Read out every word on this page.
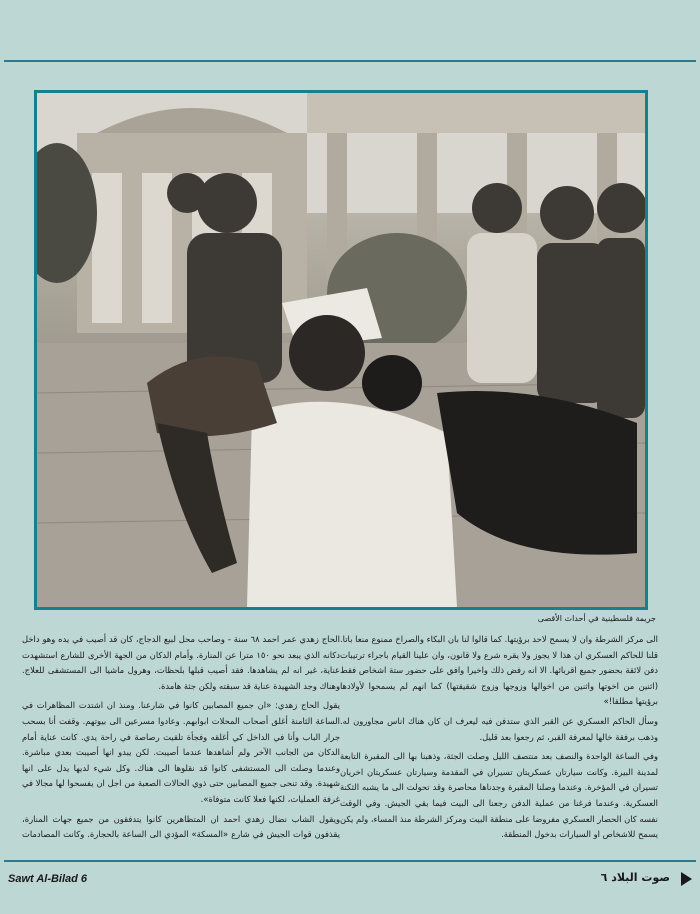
جريمة فلسطينية في أحداث الأقصى

الى مركز الشرطة وان لا يسمح لاحد برؤيتها. كما قالوا لنا بان البكاء والصراخ ممنوع منعا باتا. قلنا للحاكم العسكري ان هذا لا يجوز ولا يقره شرع ولا قانون، وان علينا القيام باجراء ترتيبات دفن لائقة بحضور جميع اقربائها. الا انه رفض ذلك واخيرا وافق على حضور ستة اشخاص فقط (اثنين من اخوتها واثنين من اخوالها وزوجها وزوج شقيقتها) كما انهم لم يسمحوا لأولادها برؤيتها مطلقا!»

وسأل الحاكم العسكري عن القبر الذي ستدفن فيه ليعرف ان كان هناك اناس مجاورون له. وذهب برفقة خالها لمعرفة القبر، ثم رجعوا بعد قليل.

وفي الساعة الواحدة والنصف بعد منتصف الليل وصلت الجثة، وذهبنا بها الى المقبرة التابعة لمدينة البيرة. وكانت سيارتان عسكريتان تسيران في المقدمة وسيارتان عسكريتان اخريان تسيران في المؤخرة. وعندما وصلنا المقبرة وجدناها محاصرة وقد تحولت الى ما يشبه الثكنة العسكرية. وعندما فرغنا من عملية الدفن رجعنا الى البيت فيما بقي الجيش. وفي الوقت نفسه كان الحصار العسكري مفروضا على منطقة البيت ومركز الشرطة منذ المساء، ولم يكن يسمح للاشخاص او السيارات بدخول المنطقة.

الحاج زهدي عمر احمد ٦٨ سنة - وصاحب محل لبيع الدجاج، كان قد أصيب في يده وهو داخل دكانه الذي يبعد نحو ١٥٠ مترا عن المنارة. وأمام الدكان من الجهة الأخرى للشارع استشهدت عناية، غير انه لم يشاهدها. فقد أصيب قبلها بلحظات، وهرول ماشيا الى المستشفى للعلاج. وهناك وجد الشهيدة عناية قد سبقته ولكن جثة هامدة.

يقول الحاج زهدي: «ان جميع المصابين كانوا في شارعنا. ومنذ ان اشتدت المظاهرات في الساعة الثامنة أغلق أصحاب المحلات ابوابهم. وعادوا مسرعين الى بيوتهم. وقفت أنا بسحب جرار الباب وأنا في الداخل كي أغلقه وفجأة تلقيت رصاصة في راحة يدي. كانت عناية أمام الدكان من الجانب الآخر ولم أشاهدها عندما أصيبت. لكن يبدو انها أصيبت بعدي مباشرة. وعندما وصلت الى المستشفى كانوا قد نقلوها الى هناك. وكل شيء لديها يدل على انها شهيدة. وقد تنحى جميع المصابين حتى ذوي الحالات الصعبة من اجل ان يفسحوا لها مجالا في غرفة العمليات، لكنها فعلا كانت متوفاة».

ويقول الشاب نضال زهدي احمد ان المتظاهرين كانوا يتدفقون من جميع جهات المنارة، يقذفون قوات الجيش في شارع «المسكة» المؤدي الى الساعة بالحجارة. وكانت المصادمات

Sawt Al-Bilad 6	صوت البلاد ٦
